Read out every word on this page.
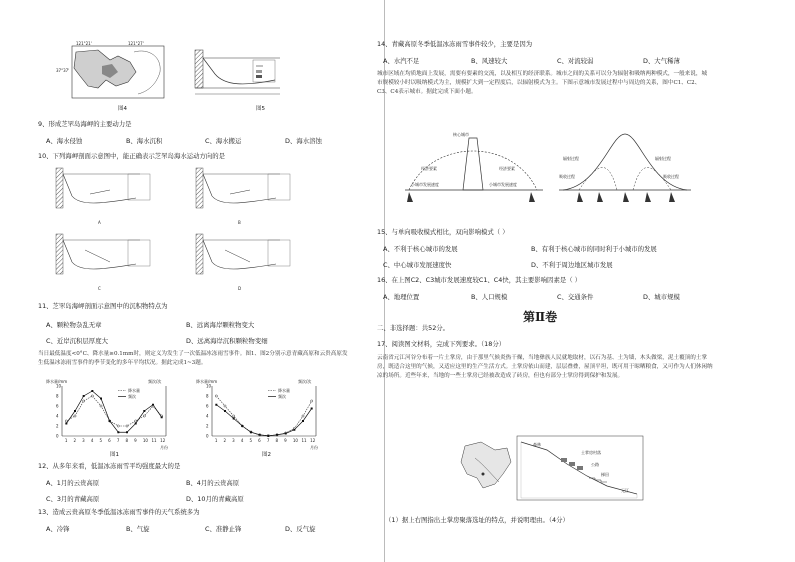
121°21'	121°27'
37°37'
图4	图5
9、形成芝罘岛海岬的主要动力是
A、海水侵蚀	B、海水沉积	C、海水搬运	D、海水溶蚀
10、下列海岬剖面示意图中，能正确表示芝罘岛海水运动方向的是
A	B
C	D
11、芝罘岛海岬剖面示意图中的沉积物特点为
A、颗粒物杂乱无章	B、远离海岸颗粒物变大
C、近岸沉积层厚度大	D、远离海岸沉积颗粒物变细
当日最低温度<0°C、降水量≥0.1mm时，则定义为发生了一次低温冰冻雨雪事件。图1、图2分别示意青藏高原和云贵高原发生低温冰冻雨雪事件的季节变化的多年平均状况。据此完成1~3题。
降水量/mm	频次/次
月份
0
2
4
6
8
10
1 2 3 4 5 6 7 8 9 10 11 12
降水量
频次
降水量/mm	频次/次
月份
0
2
4
6
8
10
1 2 3 4 5 6 7 8 9 10 11 12
降水量
频次
图1	图2
12、从多年来看，低温冰冻雨雪平均强度最大的是
A、1月的云贵高原	B、4月的云贵高原
C、3月的青藏高原	D、10月的青藏高原
13、造成云贵高原冬季低温冰冻雨雪事件的天气系统多为
A、冷锋	B、气旋	C、准静止锋	D、反气旋
14、青藏高原冬季低温冰冻雨雪事件较少，主要是因为
A、水汽不足	B、风速较大	C、对流较弱	D、大气稀薄
城市区域在均质地面上发展，需要有要素的交流，以及相互的经济联系。城市之间的关系可以分为辐射和吸纳两种模式，一般来说，城市规模较小时以吸纳模式为主，规模扩大到一定程度后，以辐射模式为主。下图示意城市发展过程中与周边的关系，图中C1、C2、C3、C4表示城市。据此完成下面小题。
核心城市
经济要素	经济要素
小城市发展速度	小城市发展速度
辐射过程	辐射过程
吸收过程	吸收过程
15、与单向吸收模式相比，双向影响模式（ ）
A、不利于核心城市的发展	B、有利于核心城市的同时利于小城市的发展
C、中心城市发展速度快	D、不利于周边地区城市发展
16、在上图C2、C3城市发展速度较C1、C4快，其主要影响因素是（ ）
A、地理位置	B、人口规模	C、交通条件	D、城市规模
第Ⅱ卷
二、非选择题：共52分。
17、阅读图文材料，完成下列要求。（18分）
云南省元江河谷分布着一片土掌房，由于那里气候炎热干燥，当地彝族人民就地取材，以石为基、土为墙，木头做梁，泥土覆顶的土掌房，既适合这里的气候，又适应这里的生产生活方式。土掌房依山而建，层层叠叠，屋顶平坦，既可用于晾晒粮食，又可作为人们休闲纳凉的场所。近些年来，当地的一些土掌房已经被改造成了砖房，但也有部分土掌房得到保护和发展。
森林
土掌房村落
公路
梯田
元江
（1）据上右图指出土掌房聚落选址的特点，并说明理由。（4分）
